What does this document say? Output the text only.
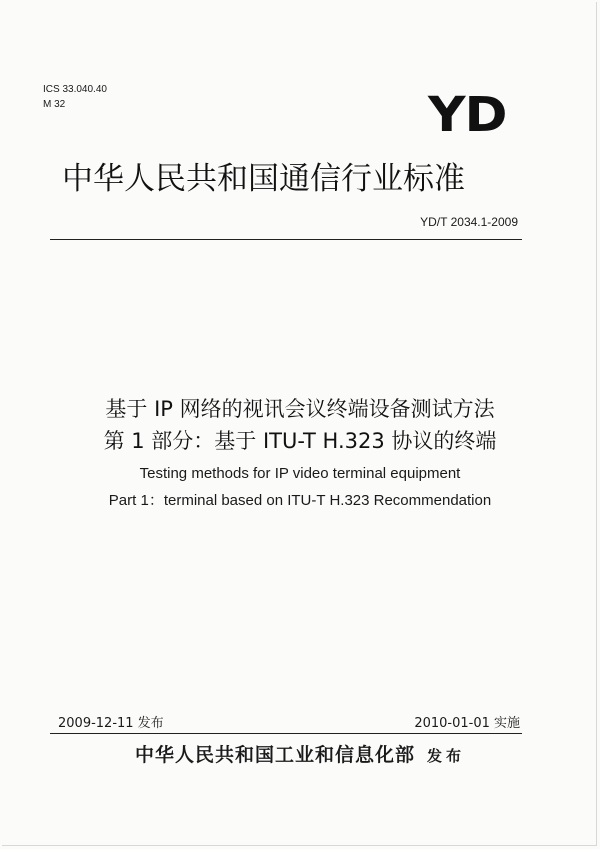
ICS 33.040.40
M 32	YD
中华人民共和国通信行业标准
YD/T 2034.1-2009
基于 IP 网络的视讯会议终端设备测试方法
第 1 部分：基于 ITU-T H.323 协议的终端
Testing methods for IP video terminal equipment
Part 1：terminal based on ITU-T H.323 Recommendation
2009-12-11 发布	2010-01-01 实施
中华人民共和国工业和信息化部 发布
